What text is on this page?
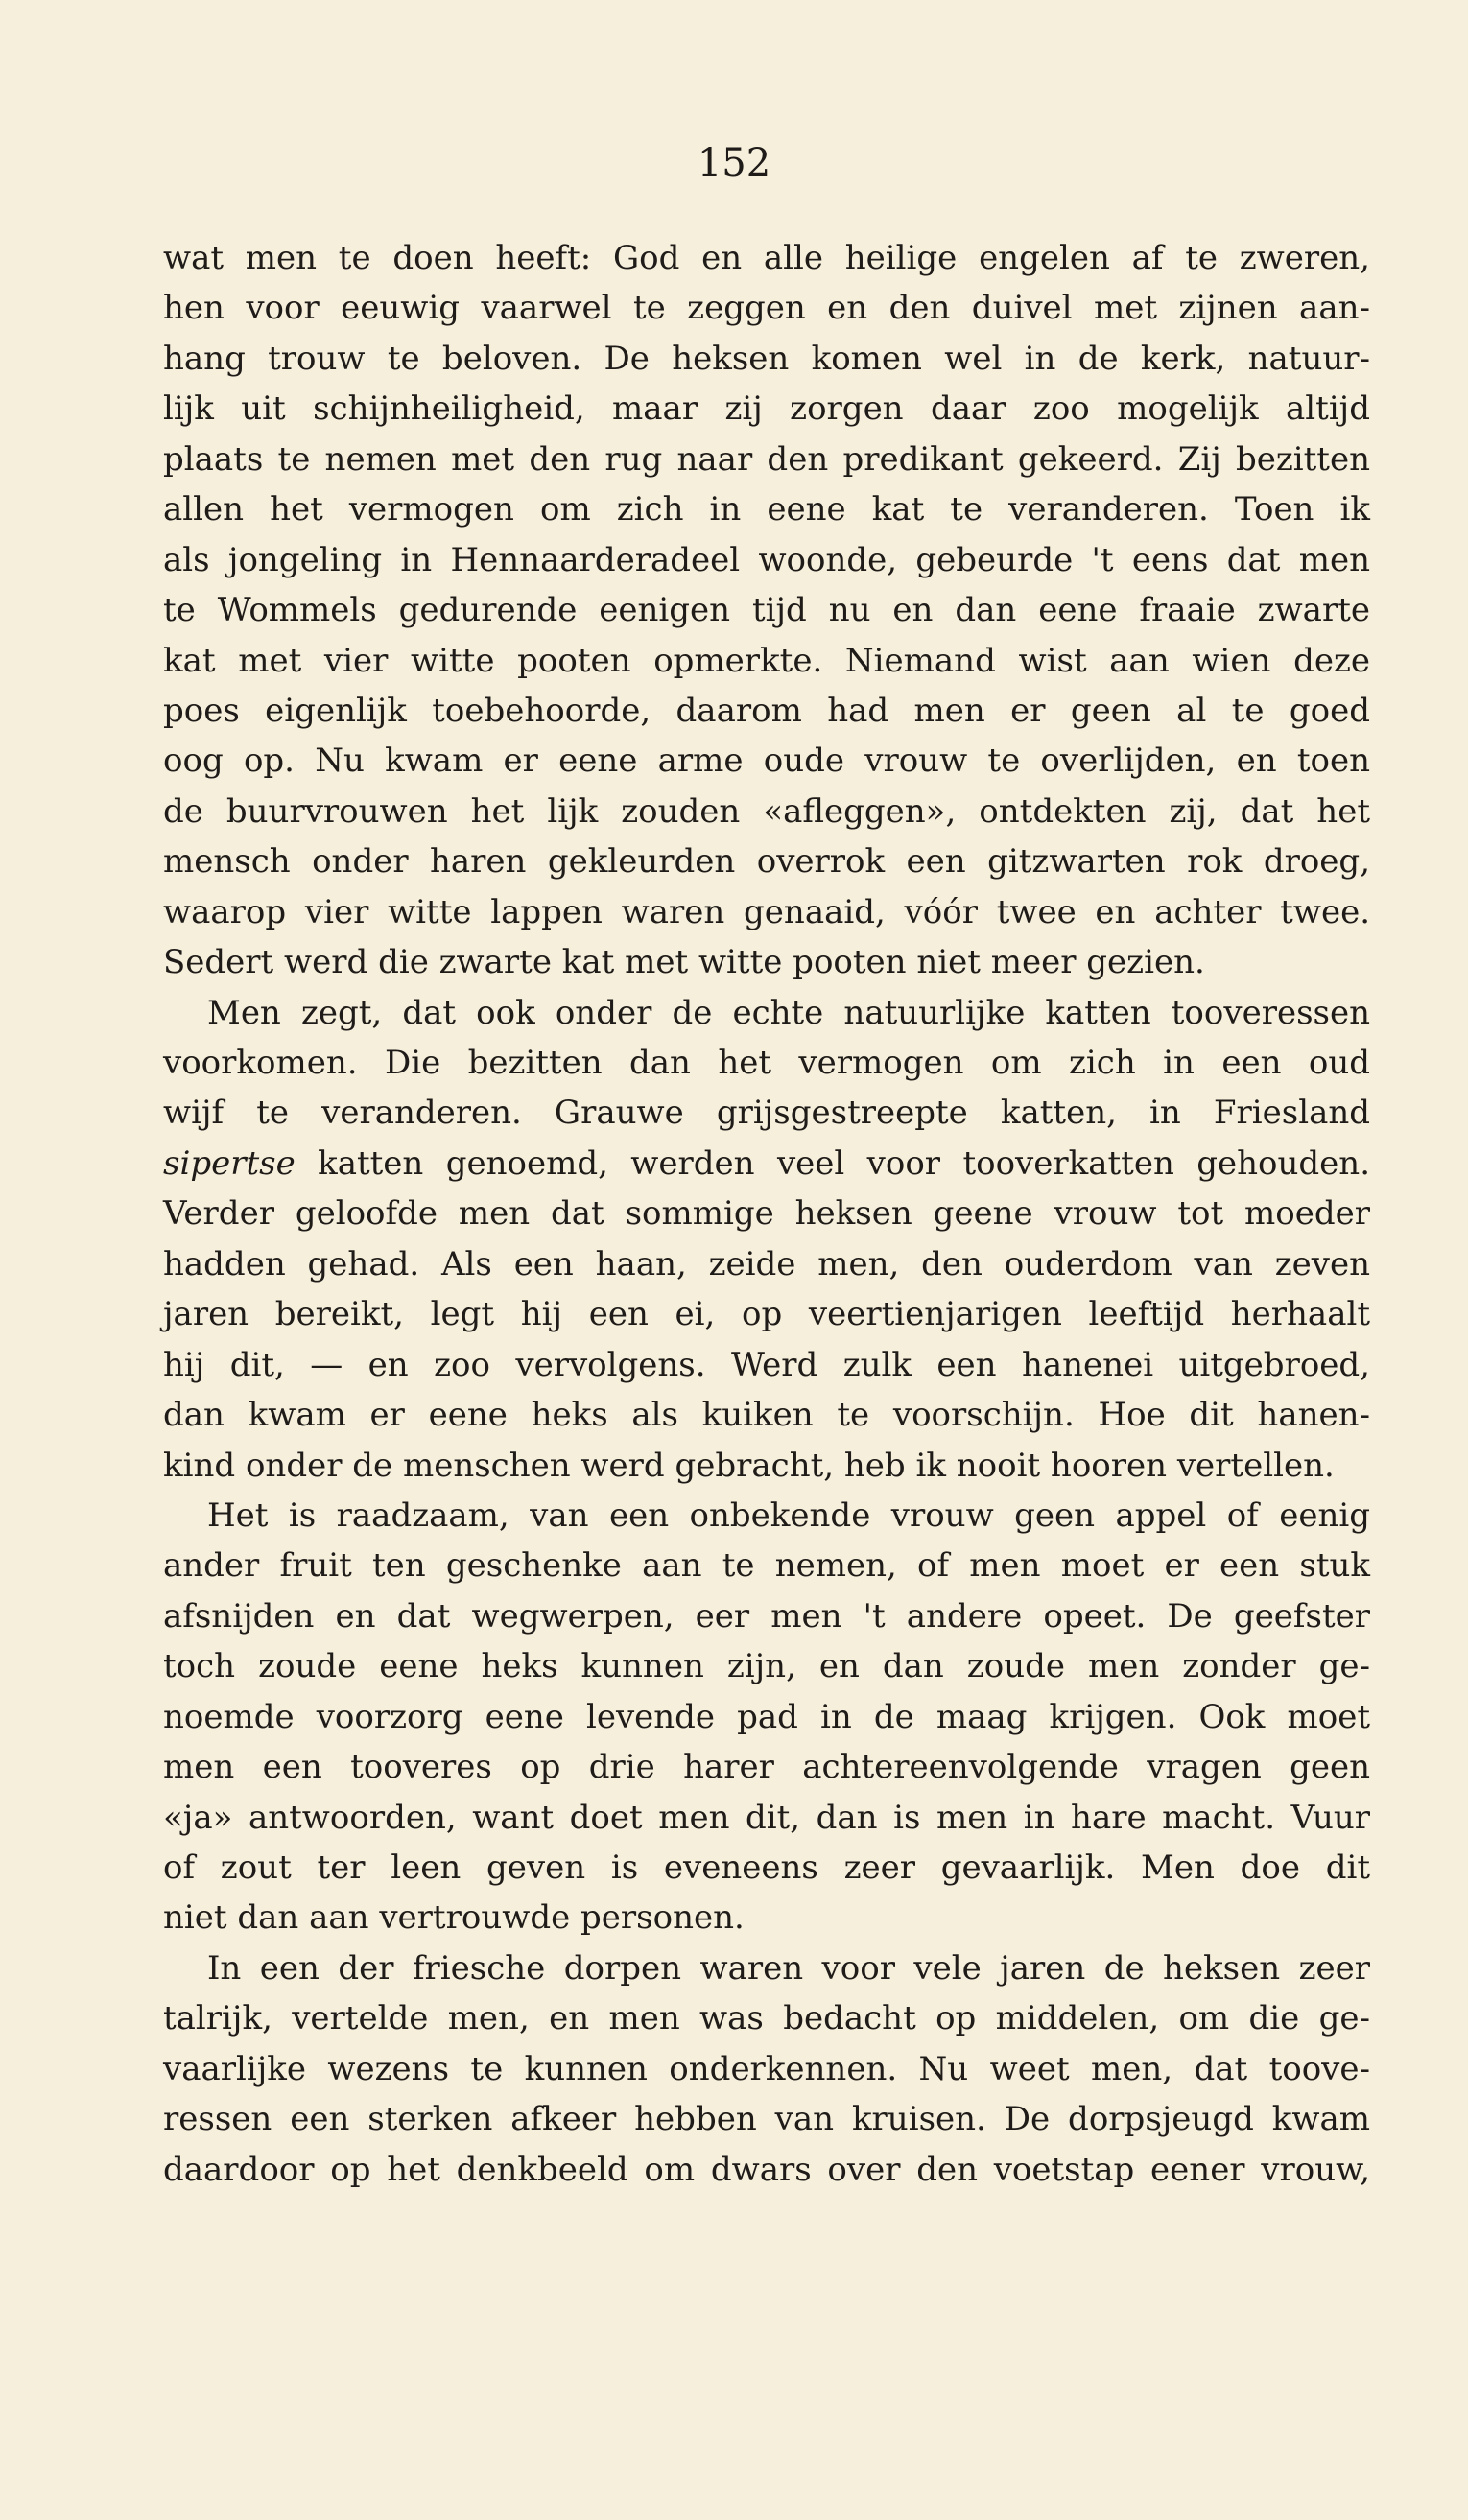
152
wat men te doen heeft: God en alle heilige engelen af te zweren,
hen voor eeuwig vaarwel te zeggen en den duivel met zijnen aan-
hang trouw te beloven. De heksen komen wel in de kerk, natuur-
lijk uit schijnheiligheid, maar zij zorgen daar zoo mogelijk altijd
plaats te nemen met den rug naar den predikant gekeerd. Zij bezitten
allen het vermogen om zich in eene kat te veranderen. Toen ik
als jongeling in Hennaarderadeel woonde, gebeurde 't eens dat men
te Wommels gedurende eenigen tijd nu en dan eene fraaie zwarte
kat met vier witte pooten opmerkte. Niemand wist aan wien deze
poes eigenlijk toebehoorde, daarom had men er geen al te goed
oog op. Nu kwam er eene arme oude vrouw te overlijden, en toen
de buurvrouwen het lijk zouden «afleggen», ontdekten zij, dat het
mensch onder haren gekleurden overrok een gitzwarten rok droeg,
waarop vier witte lappen waren genaaid, vóór twee en achter twee.
Sedert werd die zwarte kat met witte pooten niet meer gezien.
Men zegt, dat ook onder de echte natuurlijke katten tooveressen
voorkomen. Die bezitten dan het vermogen om zich in een oud
wijf te veranderen. Grauwe grijsgestreepte katten, in Friesland
sipertse katten genoemd, werden veel voor tooverkatten gehouden.
Verder geloofde men dat sommige heksen geene vrouw tot moeder
hadden gehad. Als een haan, zeide men, den ouderdom van zeven
jaren bereikt, legt hij een ei, op veertienjarigen leeftijd herhaalt
hij dit, — en zoo vervolgens. Werd zulk een hanenei uitgebroed,
dan kwam er eene heks als kuiken te voorschijn. Hoe dit hanen-
kind onder de menschen werd gebracht, heb ik nooit hooren vertellen.
Het is raadzaam, van een onbekende vrouw geen appel of eenig
ander fruit ten geschenke aan te nemen, of men moet er een stuk
afsnijden en dat wegwerpen, eer men 't andere opeet. De geefster
toch zoude eene heks kunnen zijn, en dan zoude men zonder ge-
noemde voorzorg eene levende pad in de maag krijgen. Ook moet
men een tooveres op drie harer achtereenvolgende vragen geen
«ja» antwoorden, want doet men dit, dan is men in hare macht. Vuur
of zout ter leen geven is eveneens zeer gevaarlijk. Men doe dit
niet dan aan vertrouwde personen.
In een der friesche dorpen waren voor vele jaren de heksen zeer
talrijk, vertelde men, en men was bedacht op middelen, om die ge-
vaarlijke wezens te kunnen onderkennen. Nu weet men, dat toove-
ressen een sterken afkeer hebben van kruisen. De dorpsjeugd kwam
daardoor op het denkbeeld om dwars over den voetstap eener vrouw,
